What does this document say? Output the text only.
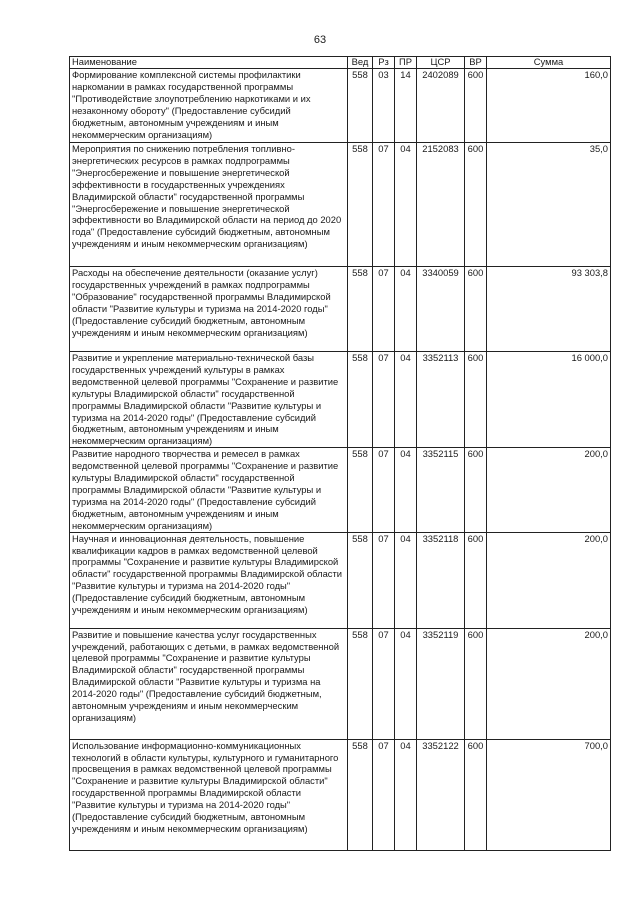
63
Наименование	Вед	Рз	ПР	ЦСР	ВР	Сумма
Формирование комплексной системы профилактики наркомании в рамках государственной программы "Противодействие злоупотреблению наркотиками и их незаконному обороту" (Предоставление субсидий бюджетным, автономным учреждениям и иным некоммерческим организациям)	558	03	14	2402089	600	160,0
Мероприятия по снижению потребления топливно-энергетических ресурсов в рамках подпрограммы "Энергосбережение и повышение энергетической эффективности в государственных учреждениях Владимирской области" государственной программы "Энергосбережение и повышение энергетической эффективности во Владимирской области на период до 2020 года" (Предоставление субсидий бюджетным, автономным учреждениям и иным некоммерческим организациям)	558	07	04	2152083	600	35,0
Расходы на обеспечение деятельности (оказание услуг) государственных учреждений в рамках подпрограммы "Образование" государственной программы Владимирской области "Развитие культуры и туризма на 2014-2020 годы" (Предоставление субсидий бюджетным, автономным учреждениям и иным некоммерческим организациям)	558	07	04	3340059	600	93 303,8
Развитие и укрепление материально-технической базы государственных учреждений культуры в рамках ведомственной целевой программы "Сохранение и развитие культуры Владимирской области" государственной программы Владимирской области "Развитие культуры и туризма на 2014-2020 годы" (Предоставление субсидий бюджетным, автономным учреждениям и иным некоммерческим организациям)	558	07	04	3352113	600	16 000,0
Развитие народного творчества и ремесел в рамках ведомственной целевой программы "Сохранение и развитие культуры Владимирской области" государственной программы Владимирской области "Развитие культуры и туризма на 2014-2020 годы" (Предоставление субсидий бюджетным, автономным учреждениям и иным некоммерческим организациям)	558	07	04	3352115	600	200,0
Научная и инновационная деятельность, повышение квалификации кадров в рамках ведомственной целевой программы "Сохранение и развитие культуры Владимирской области" государственной программы Владимирской области "Развитие культуры и туризма на 2014-2020 годы" (Предоставление субсидий бюджетным, автономным учреждениям и иным некоммерческим организациям)	558	07	04	3352118	600	200,0
Развитие и повышение качества услуг государственных учреждений, работающих с детьми, в рамках ведомственной целевой программы "Сохранение и развитие культуры Владимирской области" государственной программы Владимирской области "Развитие культуры и туризма на 2014-2020 годы" (Предоставление субсидий бюджетным, автономным учреждениям и иным некоммерческим организациям)	558	07	04	3352119	600	200,0
Использование информационно-коммуникационных технологий в области культуры, культурного и гуманитарного просвещения в рамках ведомственной целевой программы "Сохранение и развитие культуры Владимирской области" государственной программы Владимирской области "Развитие культуры и туризма на 2014-2020 годы" (Предоставление субсидий бюджетным, автономным учреждениям и иным некоммерческим организациям)	558	07	04	3352122	600	700,0
